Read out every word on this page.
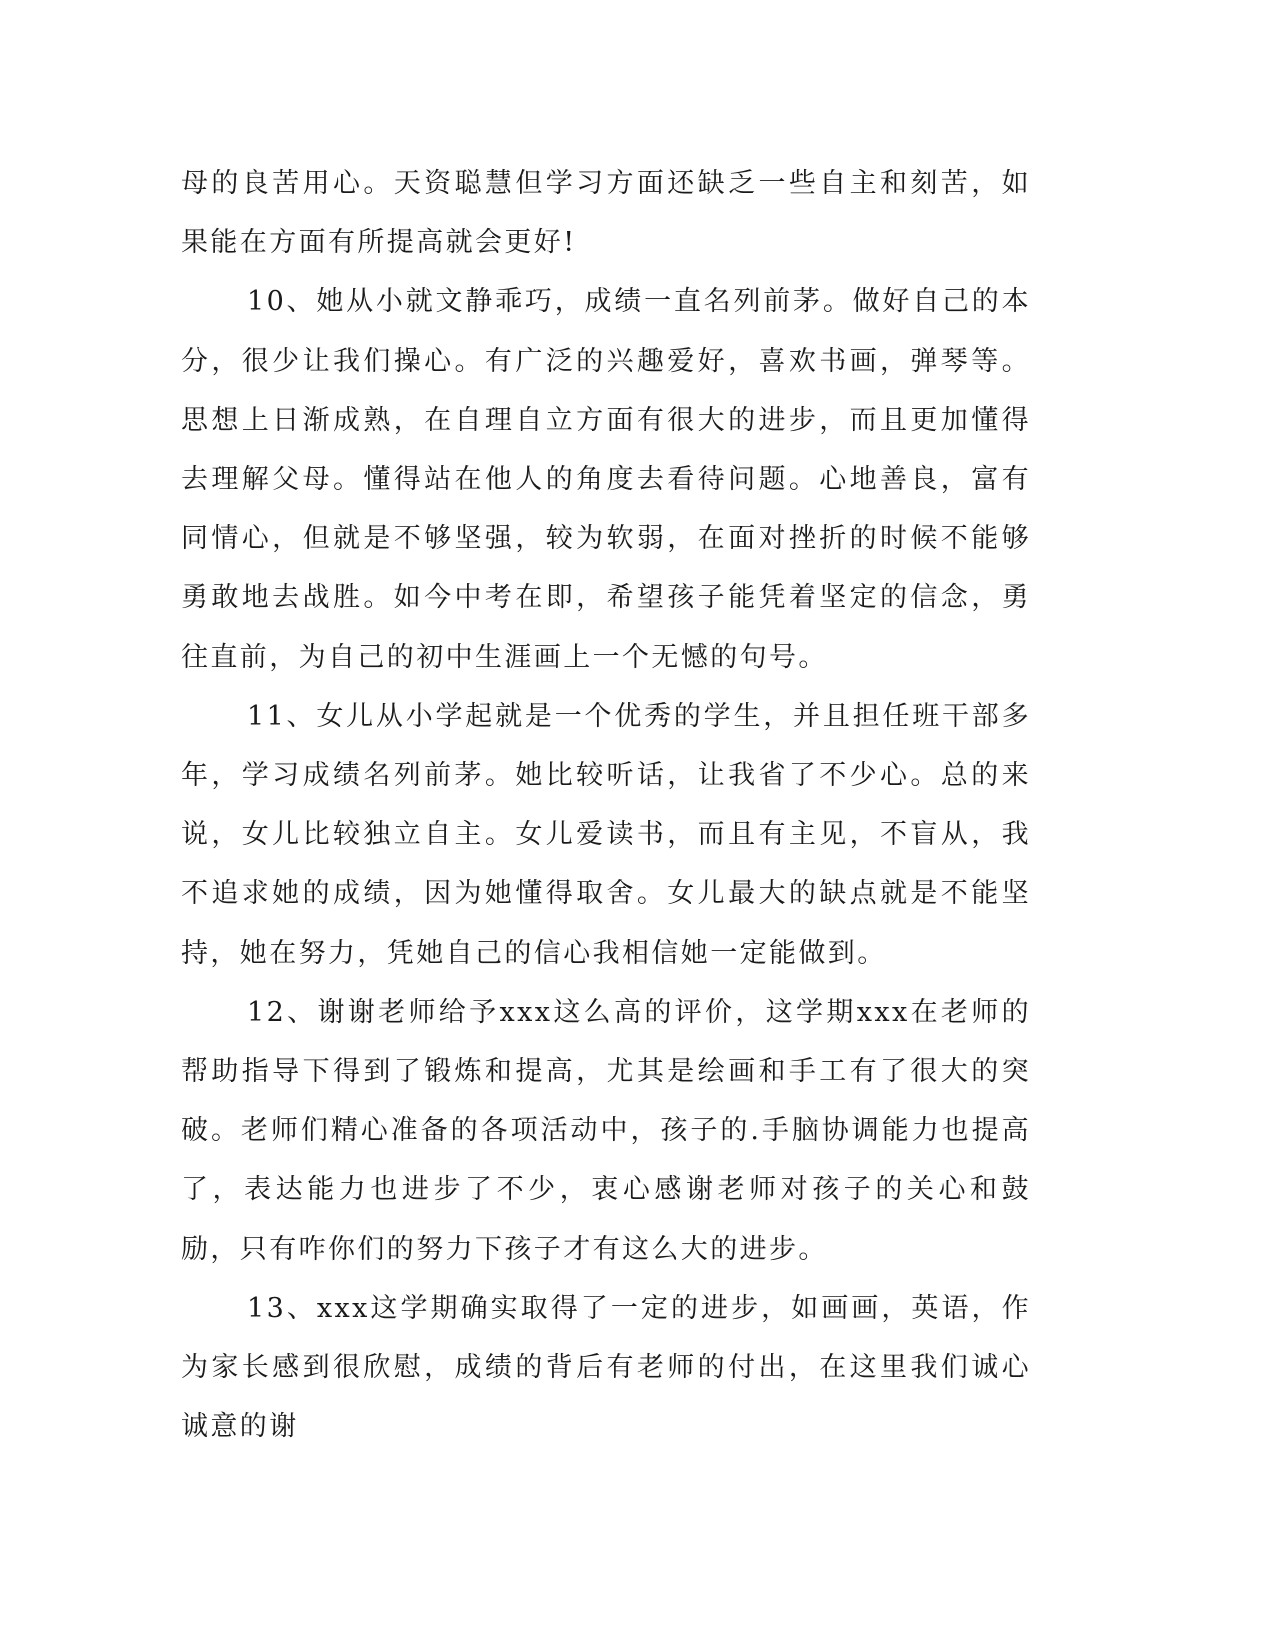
母的良苦用心。天资聪慧但学习方面还缺乏一些自主和刻苦，如果能在方面有所提高就会更好!

10、她从小就文静乖巧，成绩一直名列前茅。做好自己的本分，很少让我们操心。有广泛的兴趣爱好，喜欢书画，弹琴等。思想上日渐成熟，在自理自立方面有很大的进步，而且更加懂得去理解父母。懂得站在他人的角度去看待问题。心地善良，富有同情心，但就是不够坚强，较为软弱，在面对挫折的时候不能够勇敢地去战胜。如今中考在即，希望孩子能凭着坚定的信念，勇往直前，为自己的初中生涯画上一个无憾的句号。

11、女儿从小学起就是一个优秀的学生，并且担任班干部多年，学习成绩名列前茅。她比较听话，让我省了不少心。总的来说，女儿比较独立自主。女儿爱读书，而且有主见，不盲从，我不追求她的成绩，因为她懂得取舍。女儿最大的缺点就是不能坚持，她在努力，凭她自己的信心我相信她一定能做到。

12、谢谢老师给予xxx这么高的评价，这学期xxx在老师的帮助指导下得到了锻炼和提高，尤其是绘画和手工有了很大的突破。老师们精心准备的各项活动中，孩子的.手脑协调能力也提高了，表达能力也进步了不少，衷心感谢老师对孩子的关心和鼓励，只有咋你们的努力下孩子才有这么大的进步。

13、xxx这学期确实取得了一定的进步，如画画，英语，作为家长感到很欣慰，成绩的背后有老师的付出，在这里我们诚心诚意的谢
